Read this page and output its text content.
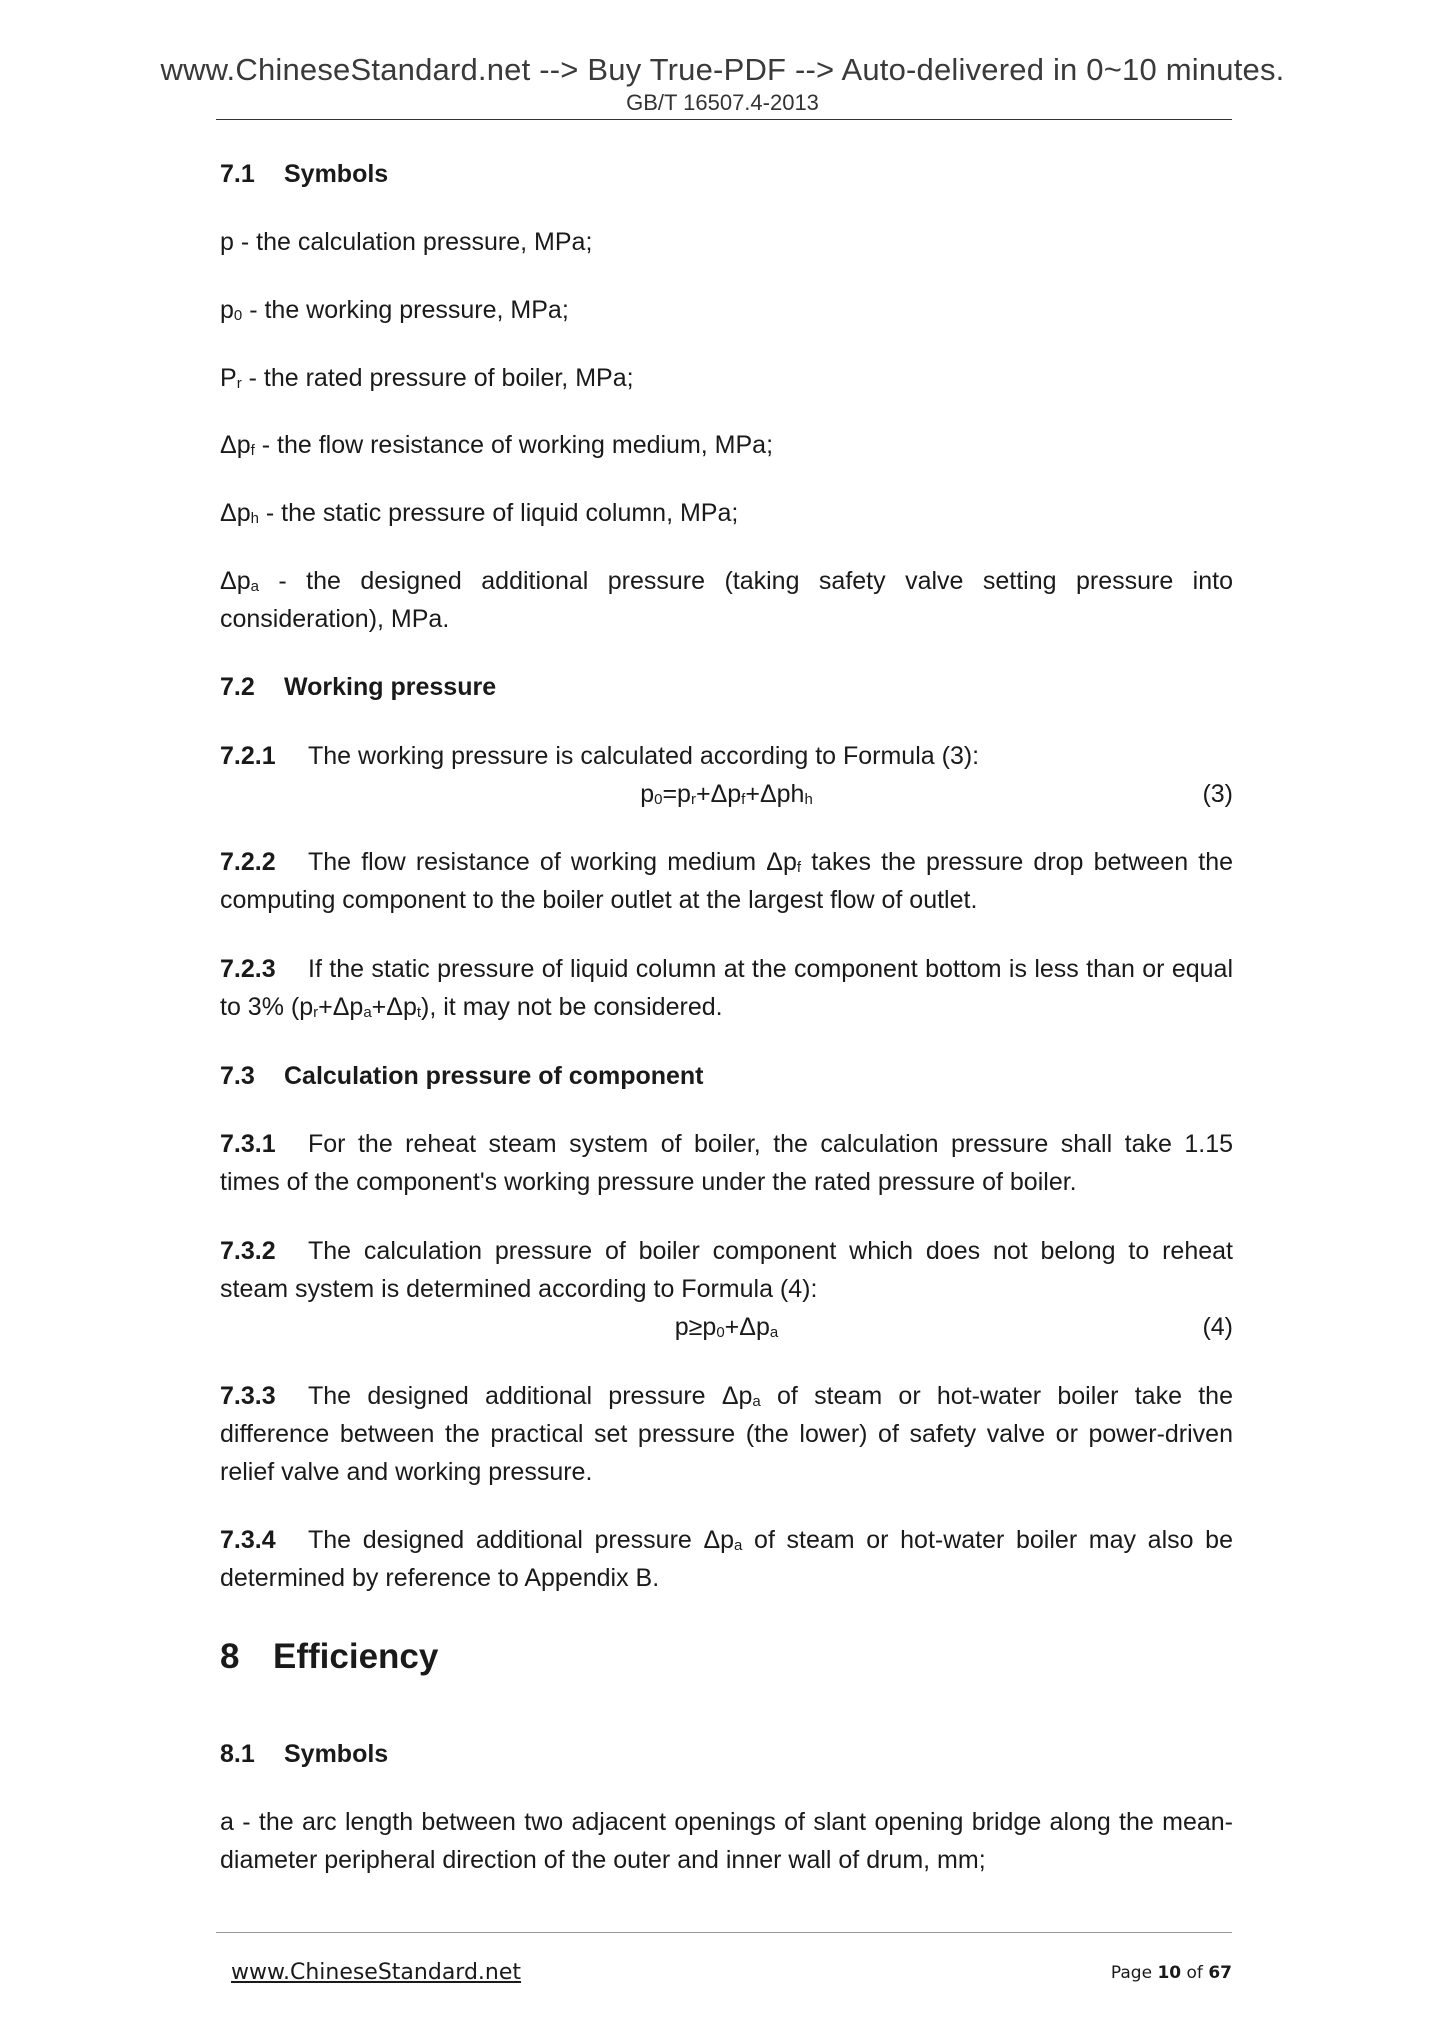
www.ChineseStandard.net --> Buy True-PDF --> Auto-delivered in 0~10 minutes.
GB/T 16507.4-2013
7.1 Symbols
p - the calculation pressure, MPa;
$p_0$ - the working pressure, MPa;
$P_r$ - the rated pressure of boiler, MPa;
$\Delta p_f$ - the flow resistance of working medium, MPa;
$\Delta p_h$ - the static pressure of liquid column, MPa;
$\Delta p_a$ - the designed additional pressure (taking safety valve setting pressure into consideration), MPa.
7.2 Working pressure
7.2.1 The working pressure is calculated according to Formula (3):
$p_0=p_r+\Delta p_f+\Delta ph_h$	(3)
7.2.2 The flow resistance of working medium $\Delta p_f$ takes the pressure drop between the computing component to the boiler outlet at the largest flow of outlet.
7.2.3 If the static pressure of liquid column at the component bottom is less than or equal to 3% $(p_r+\Delta p_a+\Delta p_t)$, it may not be considered.
7.3 Calculation pressure of component
7.3.1 For the reheat steam system of boiler, the calculation pressure shall take 1.15 times of the component's working pressure under the rated pressure of boiler.
7.3.2 The calculation pressure of boiler component which does not belong to reheat steam system is determined according to Formula (4):
$p\ge p_0+\Delta p_a$	(4)
7.3.3 The designed additional pressure $\Delta p_a$ of steam or hot-water boiler take the difference between the practical set pressure (the lower) of safety valve or power-driven relief valve and working pressure.
7.3.4 The designed additional pressure $\Delta p_a$ of steam or hot-water boiler may also be determined by reference to Appendix B.
8 Efficiency
8.1 Symbols
a - the arc length between two adjacent openings of slant opening bridge along the mean-diameter peripheral direction of the outer and inner wall of drum, mm;
www.ChineseStandard.net	Page 10 of 67
